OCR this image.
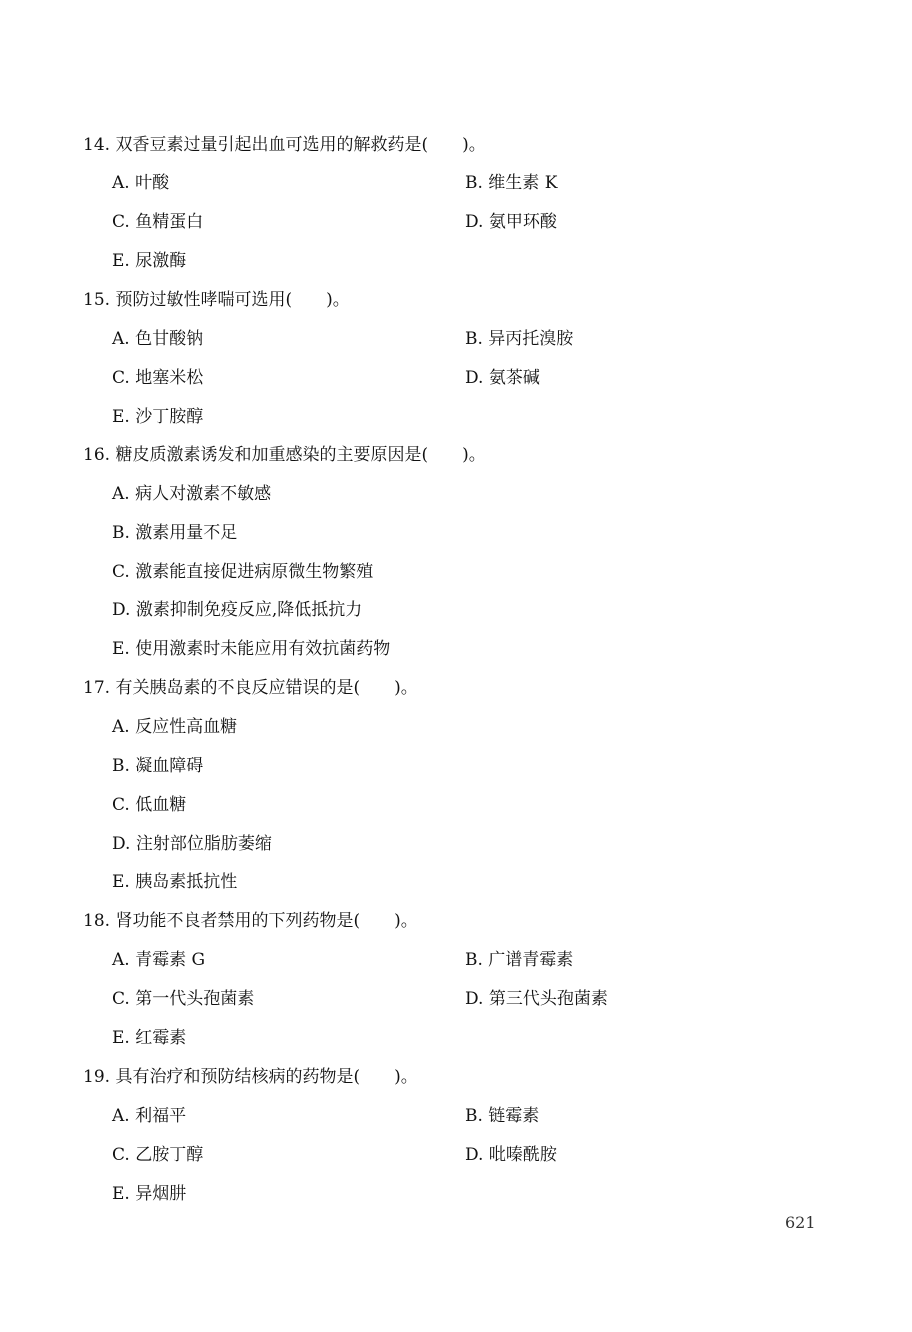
14. 双香豆素过量引起出血可选用的解救药是(　　)。
A. 叶酸	B. 维生素 K
C. 鱼精蛋白	D. 氨甲环酸
E. 尿激酶
15. 预防过敏性哮喘可选用(　　)。
A. 色甘酸钠	B. 异丙托溴胺
C. 地塞米松	D. 氨茶碱
E. 沙丁胺醇
16. 糖皮质激素诱发和加重感染的主要原因是(　　)。
A. 病人对激素不敏感
B. 激素用量不足
C. 激素能直接促进病原微生物繁殖
D. 激素抑制免疫反应,降低抵抗力
E. 使用激素时未能应用有效抗菌药物
17. 有关胰岛素的不良反应错误的是(　　)。
A. 反应性高血糖
B. 凝血障碍
C. 低血糖
D. 注射部位脂肪萎缩
E. 胰岛素抵抗性
18. 肾功能不良者禁用的下列药物是(　　)。
A. 青霉素 G	B. 广谱青霉素
C. 第一代头孢菌素	D. 第三代头孢菌素
E. 红霉素
19. 具有治疗和预防结核病的药物是(　　)。
A. 利福平	B. 链霉素
C. 乙胺丁醇	D. 吡嗪酰胺
E. 异烟肼
621
